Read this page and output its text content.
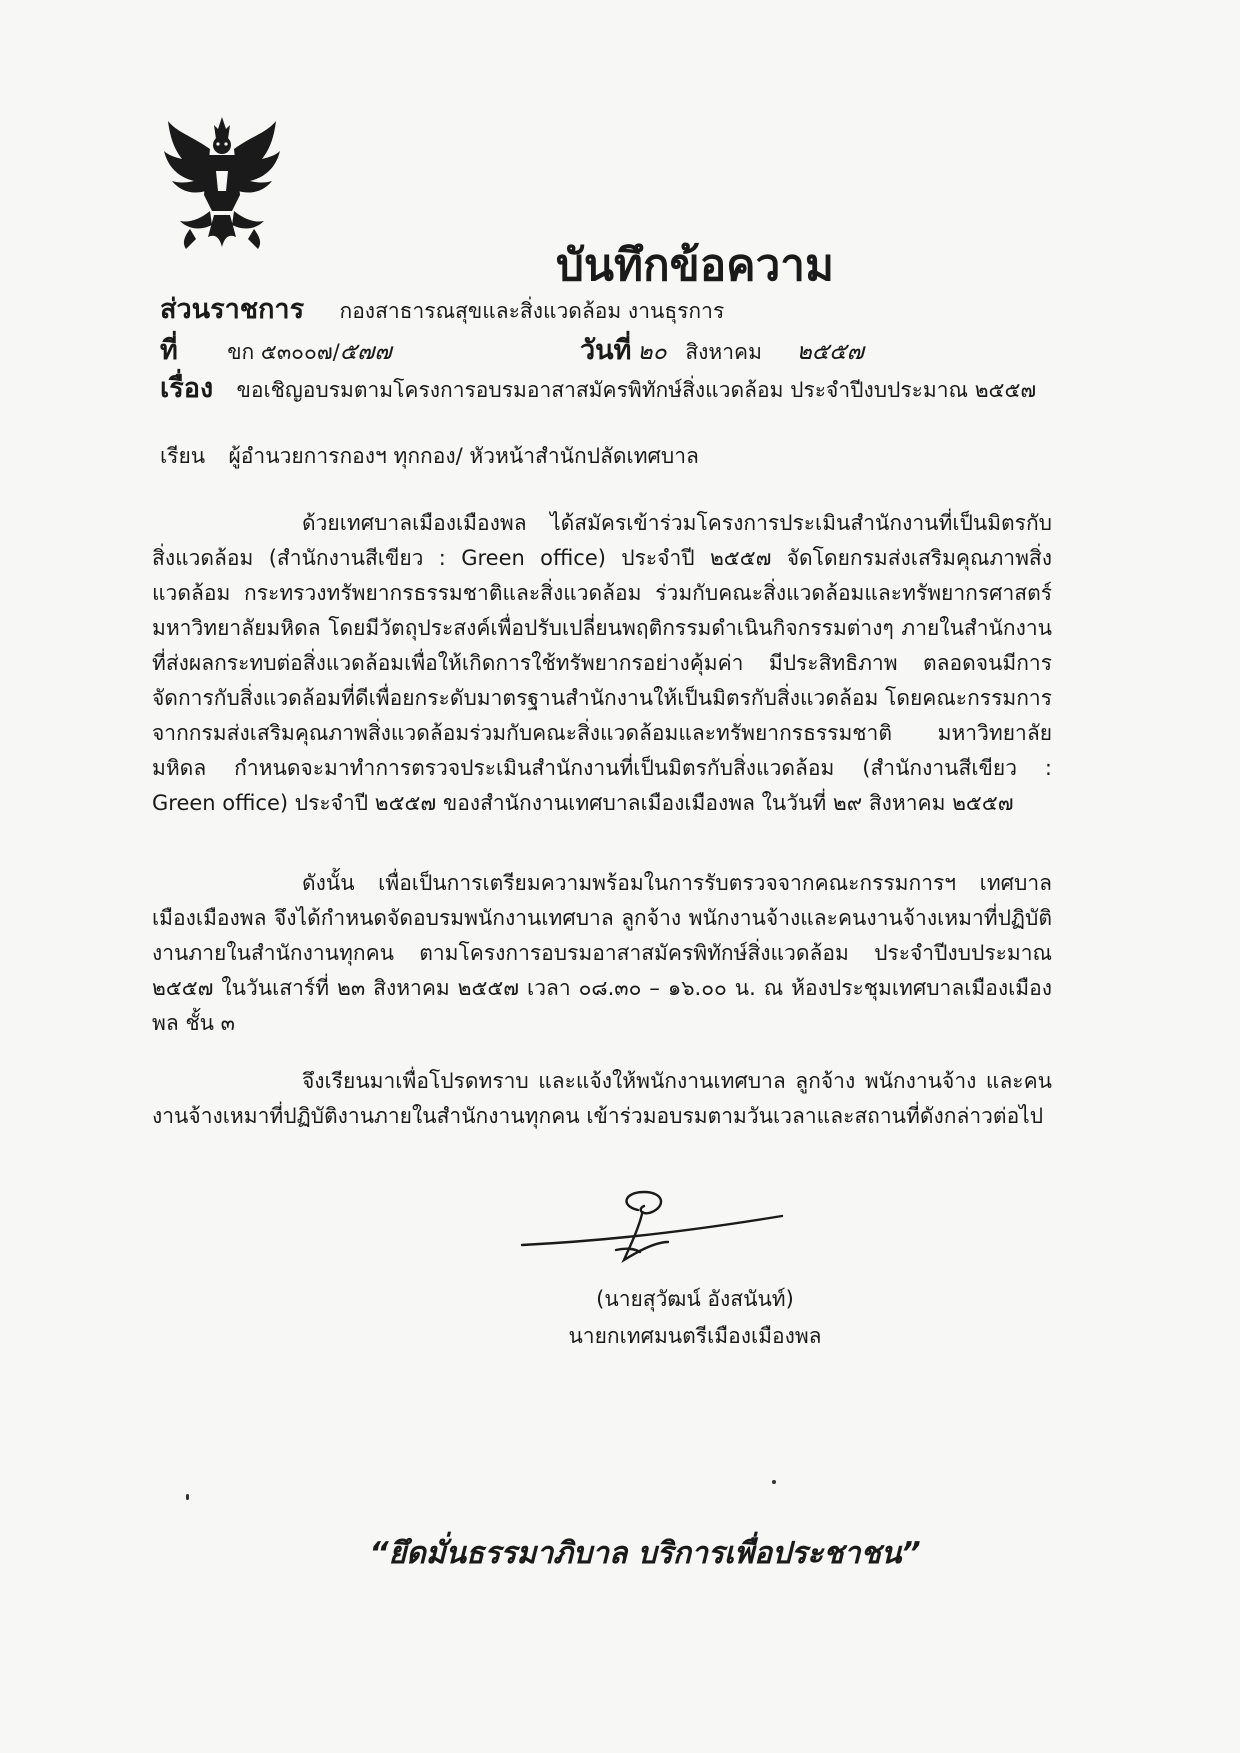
บันทึกข้อความ
ส่วนราชการ กองสาธารณสุขและสิ่งแวดล้อม งานธุรการ
ที่ ขก ๕๓๐๐๗/๕๗๗	วันที่ ๒๐ สิงหาคม ๒๕๕๗
เรื่อง ขอเชิญอบรมตามโครงการอบรมอาสาสมัครพิทักษ์สิ่งแวดล้อม ประจำปีงบประมาณ ๒๕๕๗
เรียน ผู้อำนวยการกองฯ ทุกกอง/ หัวหน้าสำนักปลัดเทศบาล
ด้วยเทศบาลเมืองเมืองพล ได้สมัครเข้าร่วมโครงการประเมินสำนักงานที่เป็นมิตรกับสิ่งแวดล้อม (สำนักงานสีเขียว : Green office) ประจำปี ๒๕๕๗ จัดโดยกรมส่งเสริมคุณภาพสิ่งแวดล้อม กระทรวงทรัพยากรธรรมชาติและสิ่งแวดล้อม ร่วมกับคณะสิ่งแวดล้อมและทรัพยากรศาสตร์ มหาวิทยาลัยมหิดล โดยมีวัตถุประสงค์เพื่อปรับเปลี่ยนพฤติกรรมดำเนินกิจกรรมต่างๆ ภายในสำนักงานที่ส่งผลกระทบต่อสิ่งแวดล้อมเพื่อให้เกิดการใช้ทรัพยากรอย่างคุ้มค่า มีประสิทธิภาพ ตลอดจนมีการจัดการกับสิ่งแวดล้อมที่ดีเพื่อยกระดับมาตรฐานสำนักงานให้เป็นมิตรกับสิ่งแวดล้อม โดยคณะกรรมการจากกรมส่งเสริมคุณภาพสิ่งแวดล้อมร่วมกับคณะสิ่งแวดล้อมและทรัพยากรธรรมชาติ มหาวิทยาลัยมหิดล กำหนดจะมาทำการตรวจประเมินสำนักงานที่เป็นมิตรกับสิ่งแวดล้อม (สำนักงานสีเขียว : Green office) ประจำปี ๒๕๕๗ ของสำนักงานเทศบาลเมืองเมืองพล ในวันที่ ๒๙ สิงหาคม ๒๕๕๗
ดังนั้น เพื่อเป็นการเตรียมความพร้อมในการรับตรวจจากคณะกรรมการฯ เทศบาลเมืองเมืองพล จึงได้กำหนดจัดอบรมพนักงานเทศบาล ลูกจ้าง พนักงานจ้างและคนงานจ้างเหมาที่ปฏิบัติงานภายในสำนักงานทุกคน ตามโครงการอบรมอาสาสมัครพิทักษ์สิ่งแวดล้อม ประจำปีงบประมาณ ๒๕๕๗ ในวันเสาร์ที่ ๒๓ สิงหาคม ๒๕๕๗ เวลา ๐๘.๓๐ – ๑๖.๐๐ น. ณ ห้องประชุมเทศบาลเมืองเมืองพล ชั้น ๓
จึงเรียนมาเพื่อโปรดทราบ และแจ้งให้พนักงานเทศบาล ลูกจ้าง พนักงานจ้าง และคนงานจ้างเหมาที่ปฏิบัติงานภายในสำนักงานทุกคน เข้าร่วมอบรมตามวันเวลาและสถานที่ดังกล่าวต่อไป
(นายสุวัฒน์ อังสนันท์)
นายกเทศมนตรีเมืองเมืองพล
“ยึดมั่นธรรมาภิบาล บริการเพื่อประชาชน”
